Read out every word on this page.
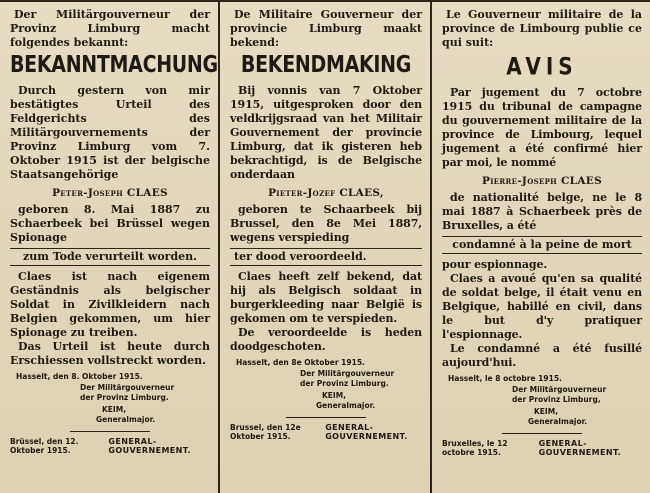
Der Militärgouverneur der Provinz Limburg macht folgendes bekannt:

BEKANNTMACHUNG

Durch gestern von mir bestätigtes Urteil des Feldgerichts des Militärgouvernements der Provinz Limburg vom 7. Oktober 1915 ist der belgische Staatsangehörige

Peter-Joseph CLAES

geboren 8. Mai 1887 zu Schaerbeek bei Brüssel wegen Spionage

zum Tode verurteilt worden.

Claes ist nach eigenem Geständnis als belgischer Soldat in Zivilkleidern nach Belgien gekommen, um hier Spionage zu treiben.

Das Urteil ist heute durch Erschiessen vollstreckt worden.

Hasselt, den 8. Oktober 1915.
Der Militärgouverneur
der Provinz Limburg.
KEIM,
Generalmajor.
Brüssel, den 12. Oktober 1915.
GENERAL-GOUVERNEMENT.

De Militaire Gouverneur der provincie Limburg maakt bekend:

BEKENDMAKING

Bij vonnis van 7 Oktober 1915, uitgesproken door den veldkrijgsraad van het Militair Gouvernement der provincie Limburg, dat ik gisteren heb bekrachtigd, is de Belgische onderdaan

Pieter-Jozef CLAES,

geboren te Schaarbeek bij Brussel, den 8e Mei 1887, wegens verspieding

ter dood veroordeeld.

Claes heeft zelf bekend, dat hij als Belgisch soldaat in burgerkleeding naar België is gekomen om te verspieden.

De veroordeelde is heden doodgeschoten.

Hasselt, den 8e Oktober 1915.
Der Militärgouverneur
der Provinz Limburg.
KEIM,
Generalmajor.
Brussel, den 12e Oktober 1915.
GENERAL-GOUVERNEMENT.

Le Gouverneur militaire de la province de Limbourg publie ce qui suit:

AVIS

Par jugement du 7 octobre 1915 du tribunal de campagne du gouvernement militaire de la province de Limbourg, lequel jugement a été confirmé hier par moi, le nommé

Pierre-Joseph CLAES

de nationalité belge, ne le 8 mai 1887 à Schaerbeek près de Bruxelles, a été

condamné à la peine de mort

pour espionnage.

Claes a avoué qu'en sa qualité de soldat belge, il était venu en Belgique, habillé en civil, dans le but d'y pratiquer l'espionnage.

Le condamné a été fusillé aujourd'hui.

Hasselt, le 8 octobre 1915.
Der Militärgouverneur
der Provinz Limburg,
KEIM,
Generalmajor.
Bruxelles, le 12 octobre 1915.
GENERAL-GOUVERNEMENT.
